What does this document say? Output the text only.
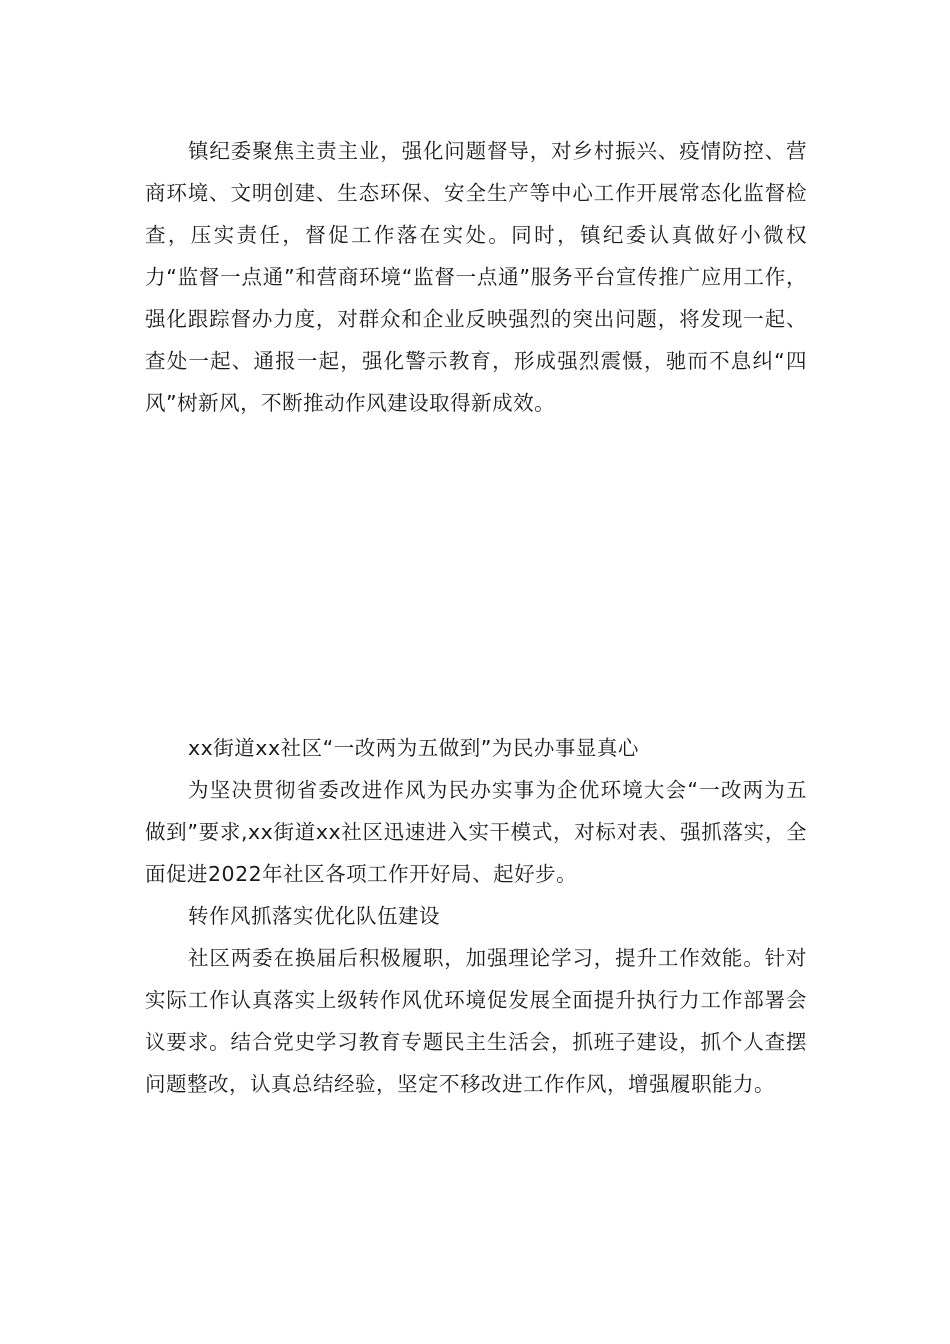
镇纪委聚焦主责主业，强化问题督导，对乡村振兴、疫情防控、营商环境、文明创建、生态环保、安全生产等中心工作开展常态化监督检查，压实责任，督促工作落在实处。同时，镇纪委认真做好小微权力“监督一点通”和营商环境“监督一点通”服务平台宣传推广应用工作，强化跟踪督办力度，对群众和企业反映强烈的突出问题，将发现一起、查处一起、通报一起，强化警示教育，形成强烈震慑，驰而不息纠“四风”树新风，不断推动作风建设取得新成效。

xx街道xx社区“一改两为五做到”为民办事显真心

为坚决贯彻省委改进作风为民办实事为企优环境大会“一改两为五做到”要求,xx街道xx社区迅速进入实干模式，对标对表、强抓落实，全面促进2022年社区各项工作开好局、起好步。

转作风抓落实优化队伍建设

社区两委在换届后积极履职，加强理论学习，提升工作效能。针对实际工作认真落实上级转作风优环境促发展全面提升执行力工作部署会议要求。结合党史学习教育专题民主生活会，抓班子建设，抓个人查摆问题整改，认真总结经验，坚定不移改进工作作风，增强履职能力。
